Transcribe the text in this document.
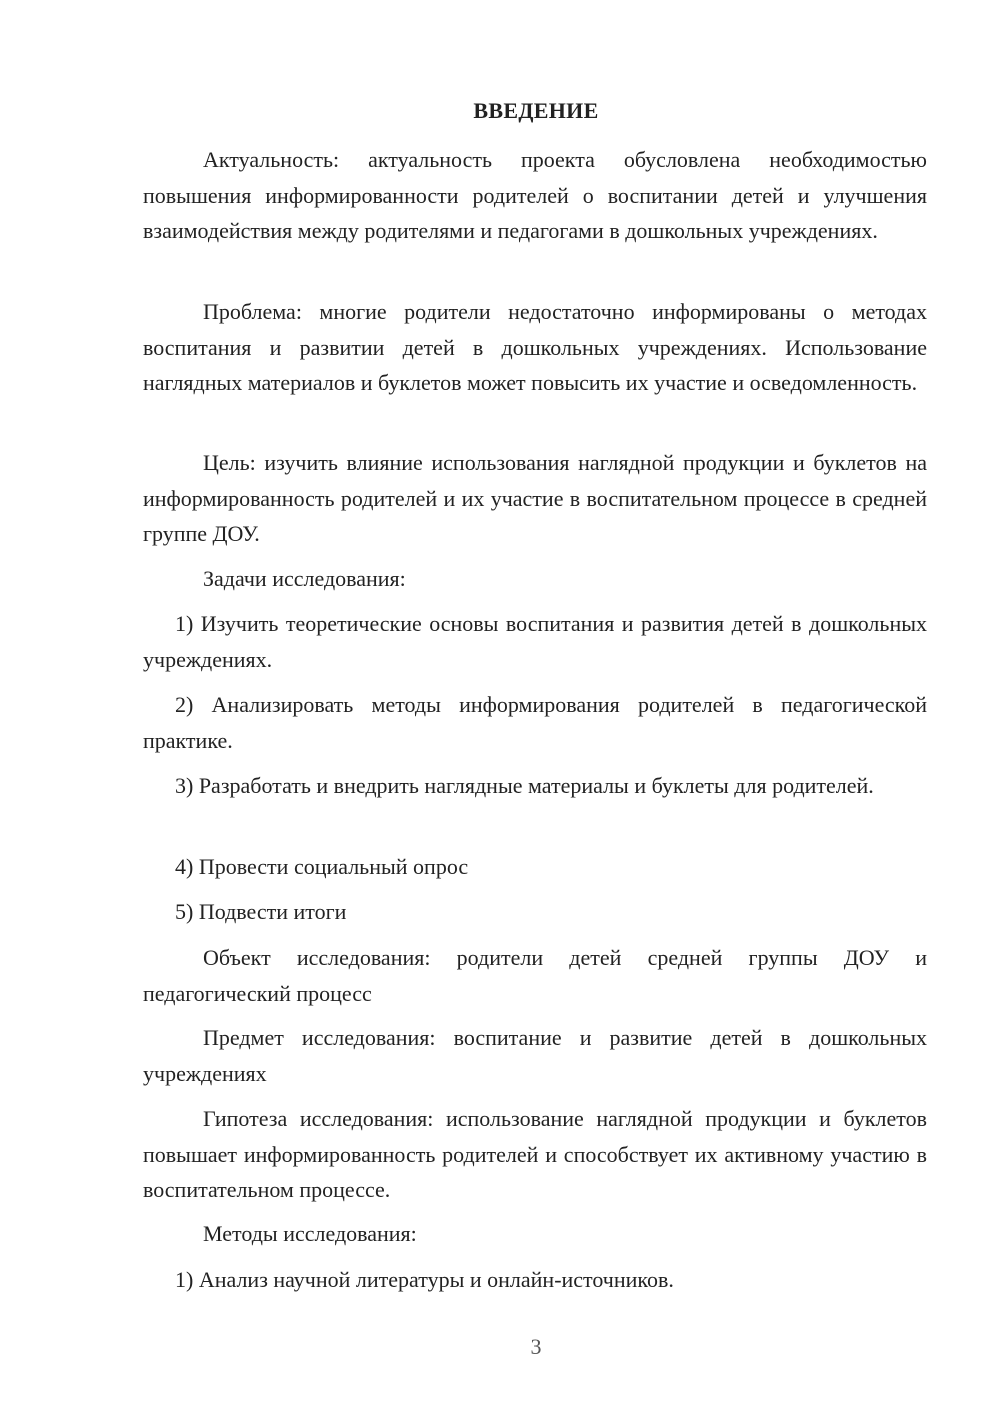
ВВЕДЕНИЕ

Актуальность: актуальность проекта обусловлена необходимостью повышения информированности родителей о воспитании детей и улучшения взаимодействия между родителями и педагогами в дошкольных учреждениях.

Проблема: многие родители недостаточно информированы о методах воспитания и развитии детей в дошкольных учреждениях. Использование наглядных материалов и буклетов может повысить их участие и осведомленность.

Цель: изучить влияние использования наглядной продукции и буклетов на информированность родителей и их участие в воспитательном процессе в средней группе ДОУ.

Задачи исследования:

1) Изучить теоретические основы воспитания и развития детей в дошкольных учреждениях.

2) Анализировать методы информирования родителей в педагогической практике.

3) Разработать и внедрить наглядные материалы и буклеты для родителей.

4) Провести социальный опрос

5) Подвести итоги

Объект исследования: родители детей средней группы ДОУ и педагогический процесс

Предмет исследования: воспитание и развитие детей в дошкольных учреждениях

Гипотеза исследования: использование наглядной продукции и буклетов повышает информированность родителей и способствует их активному участию в воспитательном процессе.

Методы исследования:

1) Анализ научной литературы и онлайн-источников.

3
